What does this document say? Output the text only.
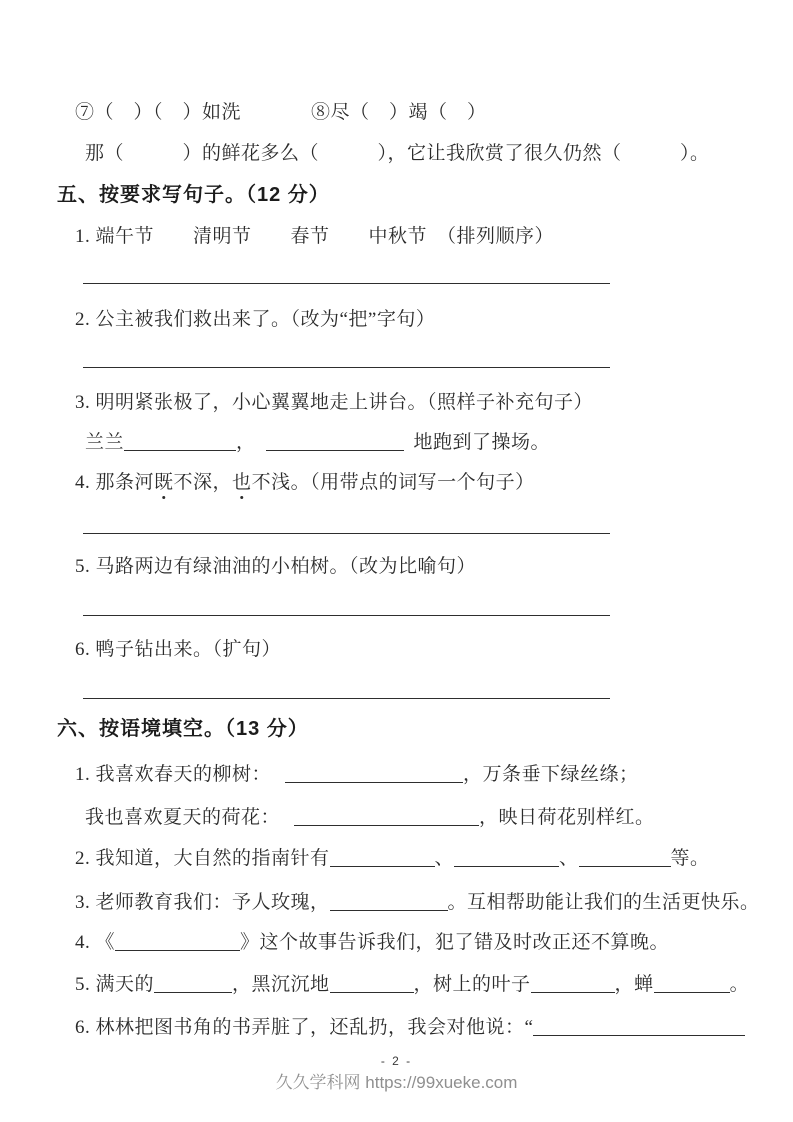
⑦（　）（　）如洗	⑧尽（　）竭（　）
那（　　　）的鲜花多么（　　　），它让我欣赏了很久仍然（　　　）。
五、按要求写句子。（12 分）
1. 端午节　　清明节　　春节　　中秋节　（排列顺序）
2. 公主被我们救出来了。（改为“把”字句）
3. 明明紧张极了，小心翼翼地走上讲台。（照样子补充句子）
兰兰	，	地跑到了操场。
4. 那条河既不深，也不浅。（用带点的词写一个句子）
5. 马路两边有绿油油的小柏树。（改为比喻句）
6. 鸭子钻出来。（扩句）
六、按语境填空。（13 分）
1. 我喜欢春天的柳树：	，万条垂下绿丝绦；
我也喜欢夏天的荷花：	，映日荷花别样红。
2. 我知道，大自然的指南针有	、	、	等。
3. 老师教育我们：予人玫瑰，	。互相帮助能让我们的生活更快乐。
4. 《	》这个故事告诉我们，犯了错及时改正还不算晚。
5. 满天的	，黑沉沉地	，树上的叶子	，蝉	。
6. 林林把图书角的书弄脏了，还乱扔，我会对他说：“
- 2 -
久久学科网 https://99xueke.com
